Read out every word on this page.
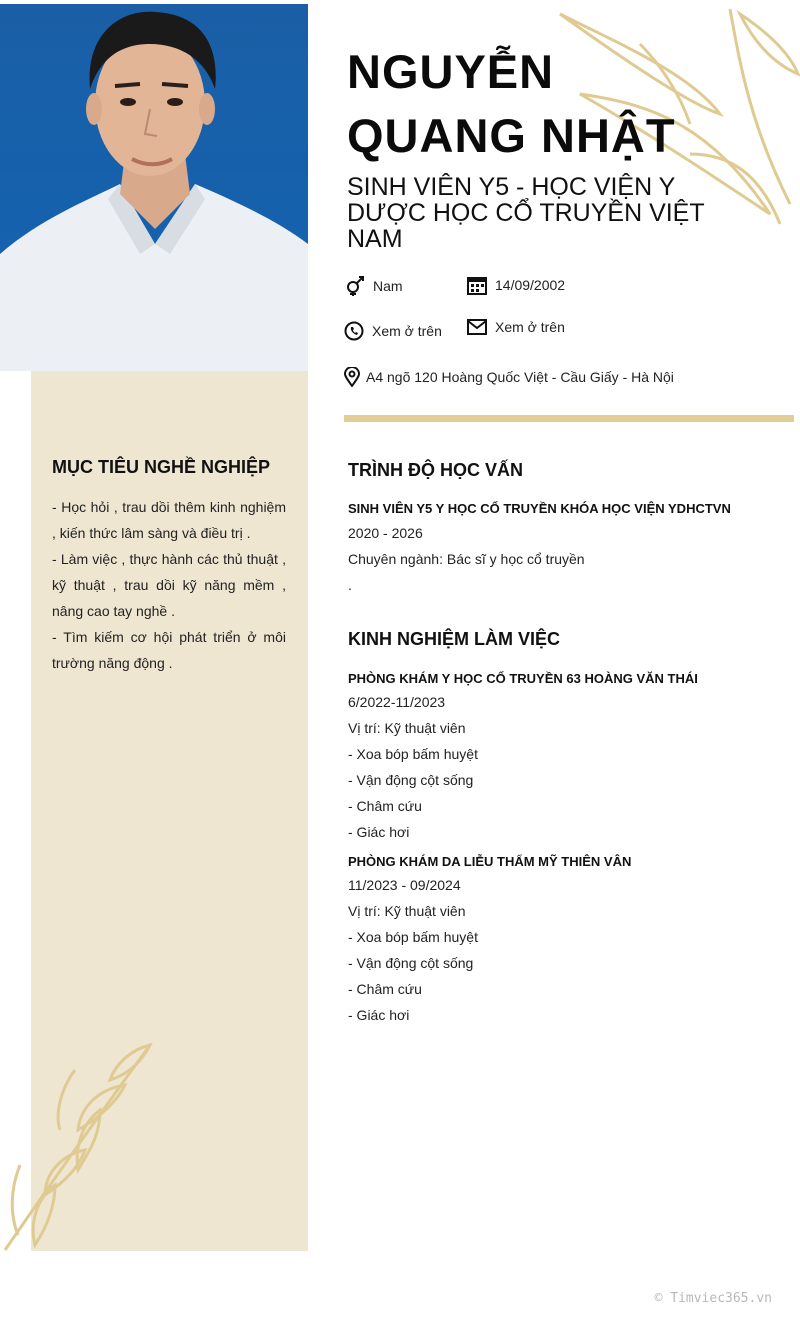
NGUYỄN
QUANG NHẬT
SINH VIÊN Y5 - HỌC VIỆN Y DƯỢC HỌC CỔ TRUYỀN VIỆT NAM
Nam	14/09/2002
Xem ở trên	Xem ở trên
A4 ngõ 120 Hoàng Quốc Việt - Cầu Giấy - Hà Nội
MỤC TIÊU NGHỀ NGHIỆP
- Học hỏi , trau dồi thêm kinh nghiệm , kiến thức lâm sàng và điều trị .
- Làm việc , thực hành các thủ thuật , kỹ thuật , trau dồi kỹ năng mềm , nâng cao tay nghề .
- Tìm kiếm cơ hội phát triển ở môi trường năng động .
TRÌNH ĐỘ HỌC VẤN
SINH VIÊN Y5 Y HỌC CỔ TRUYỀN KHÓA HỌC VIỆN YDHCTVN
2020 - 2026
Chuyên ngành: Bác sĩ y học cổ truyền
.
KINH NGHIỆM LÀM VIỆC
PHÒNG KHÁM Y HỌC CỔ TRUYỀN 63 HOÀNG VĂN THÁI
6/2022-11/2023
Vị trí: Kỹ thuật viên
- Xoa bóp bấm huyệt
- Vận động cột sống
- Châm cứu
- Giác hơi
PHÒNG KHÁM DA LIỄU THẨM MỸ THIÊN VÂN
11/2023 - 09/2024
Vị trí: Kỹ thuật viên
- Xoa bóp bấm huyệt
- Vận động cột sống
- Châm cứu
- Giác hơi
© Timviec365.vn
